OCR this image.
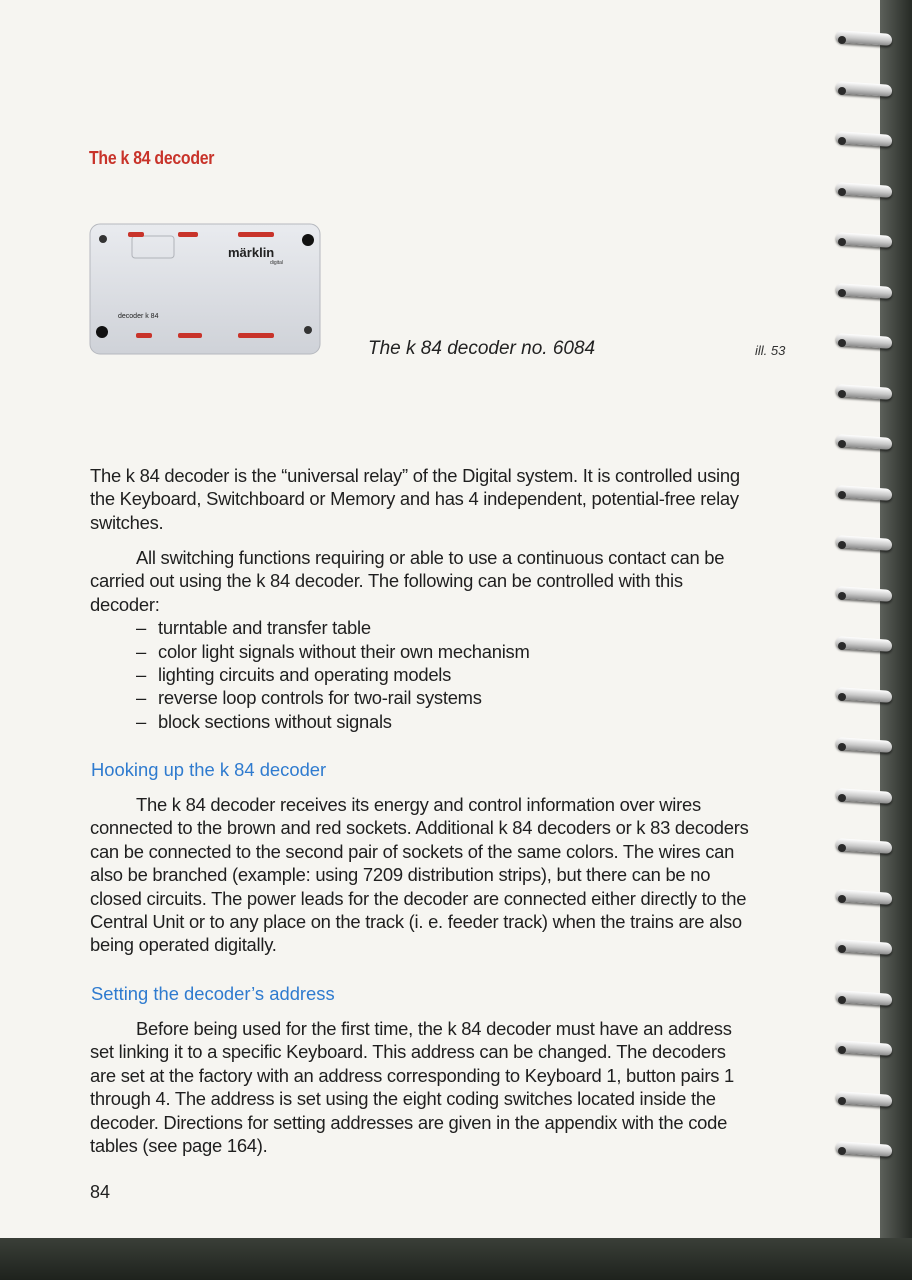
The k 84 decoder
märklin
digital
decoder k 84
The k 84 decoder no. 6084	ill. 53

The k 84 decoder is the “universal relay” of the Digital system. It is controlled using the Keyboard, Switchboard or Memory and has 4 independent, potential-free relay switches.

All switching functions requiring or able to use a continuous contact can be carried out using the k 84 decoder. The following can be controlled with this decoder:

– turntable and transfer table
– color light signals without their own mechanism
– lighting circuits and operating models
– reverse loop controls for two-rail systems
– block sections without signals
Hooking up the k 84 decoder

The k 84 decoder receives its energy and control information over wires connected to the brown and red sockets. Additional k 84 decoders or k 83 decoders can be connected to the second pair of sockets of the same colors. The wires can also be branched (example: using 7209 distribution strips), but there can be no closed circuits. The power leads for the decoder are connected either directly to the Central Unit or to any place on the track (i. e. feeder track) when the trains are also being operated digitally.

Setting the decoder’s address

Before being used for the first time, the k 84 decoder must have an address set linking it to a specific Keyboard. This address can be changed. The decoders are set at the factory with an address corresponding to Keyboard 1, button pairs 1 through 4. The address is set using the eight coding switches located inside the decoder. Directions for setting addresses are given in the appendix with the code tables (see page 164).

84
